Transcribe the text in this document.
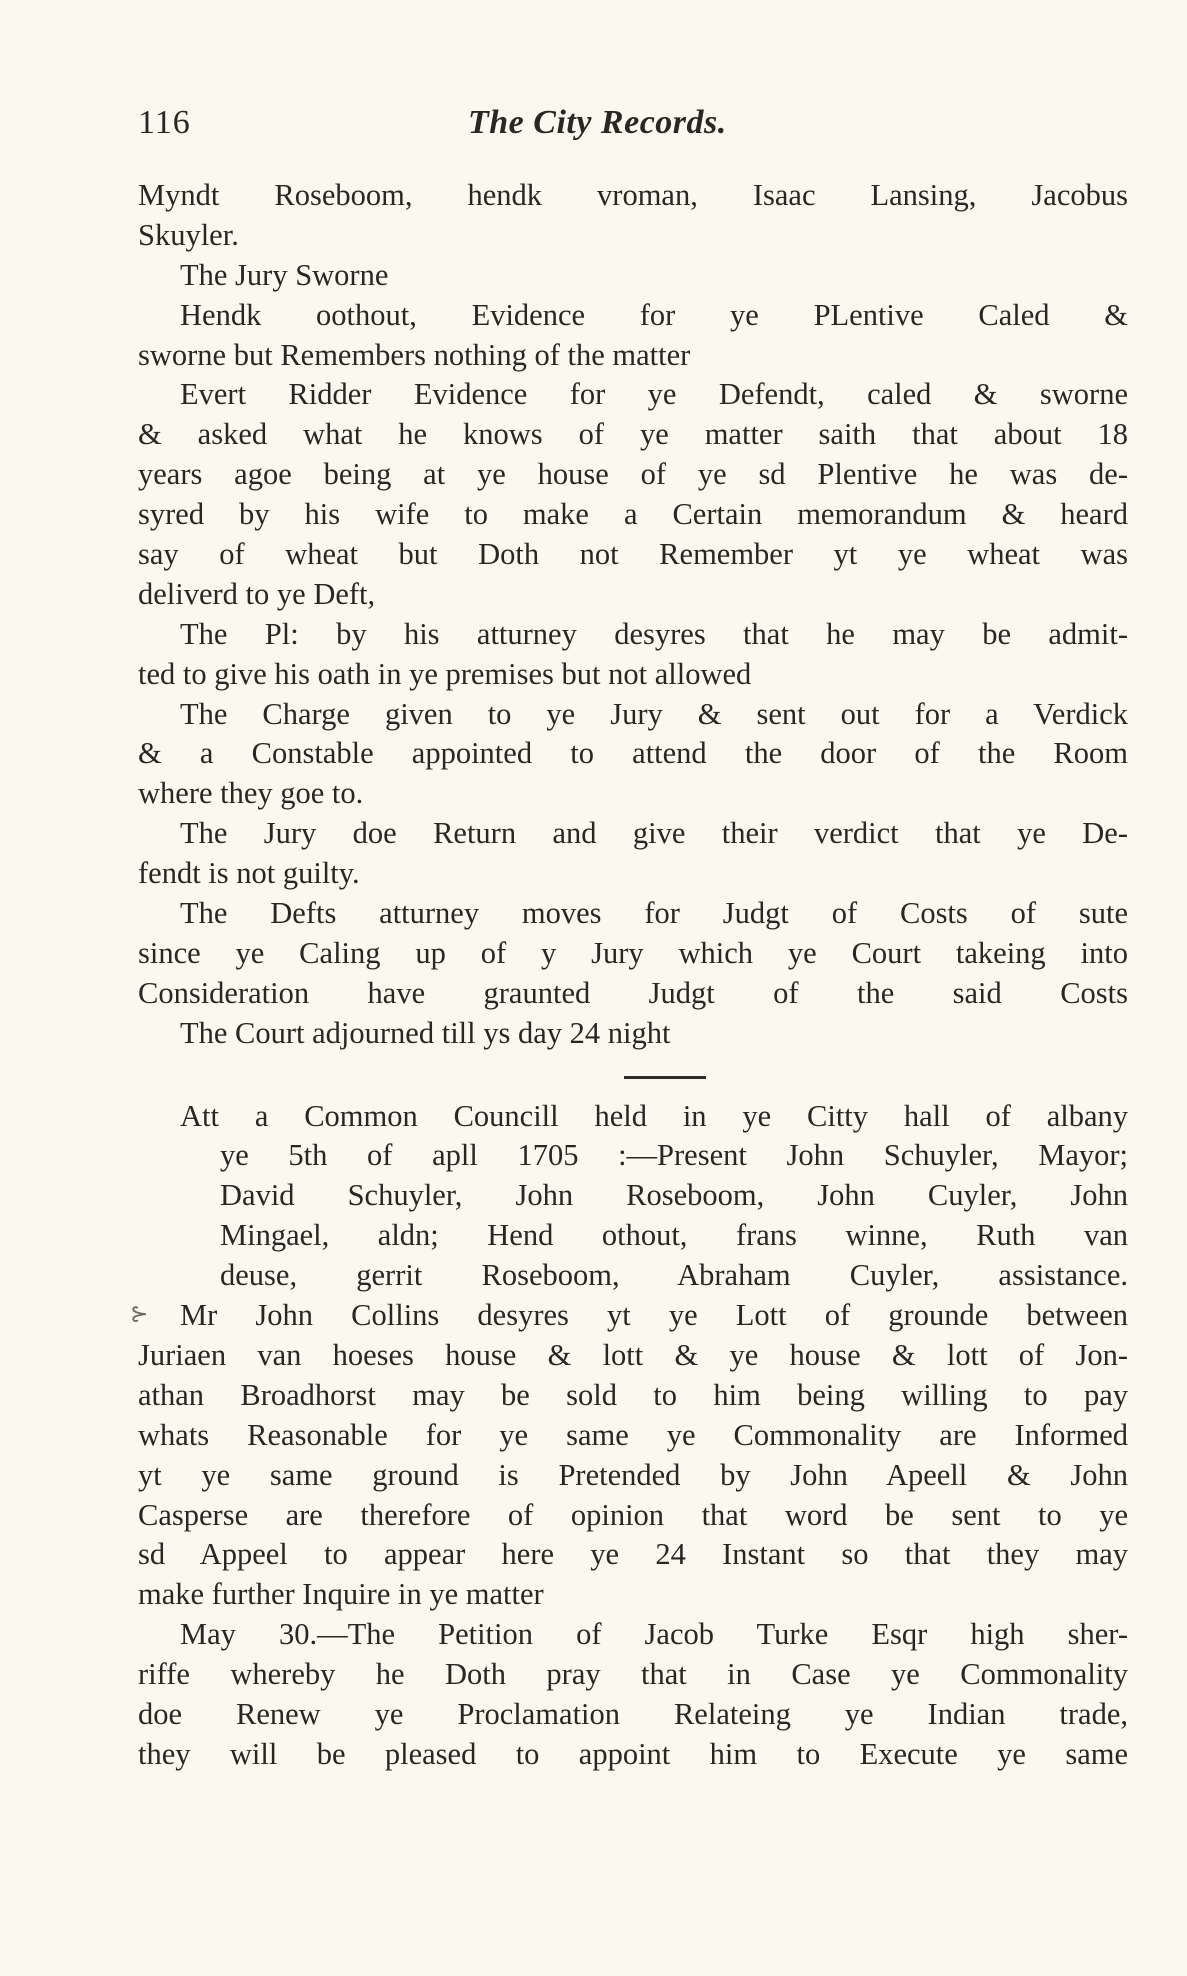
116	The City Records.
⊱
Myndt Roseboom, hendk vroman, Isaac Lansing, Jacobus
Skuyler.
The Jury Sworne
Hendk oothout, Evidence for ye PLentive Caled &
sworne but Remembers nothing of the matter
Evert Ridder Evidence for ye Defendt, caled & sworne
& asked what he knows of ye matter saith that about 18
years agoe being at ye house of ye sd Plentive he was de-
syred by his wife to make a Certain memorandum & heard
say of wheat but Doth not Remember yt ye wheat was
deliverd to ye Deft,
The Pl: by his atturney desyres that he may be admit-
ted to give his oath in ye premises but not allowed
The Charge given to ye Jury & sent out for a Verdick
& a Constable appointed to attend the door of the Room
where they goe to.
The Jury doe Return and give their verdict that ye De-
fendt is not guilty.
The Defts atturney moves for Judgt of Costs of sute
since ye Caling up of y Jury which ye Court takeing into
Consideration have graunted Judgt of the said Costs
The Court adjourned till ys day 24 night
Att a Common Councill held in ye Citty hall of albany
ye 5th of apll 1705 :—Present John Schuyler, Mayor;
David Schuyler, John Roseboom, John Cuyler, John
Mingael, aldn; Hend othout, frans winne, Ruth van
deuse, gerrit Roseboom, Abraham Cuyler, assistance.
Mr John Collins desyres yt ye Lott of grounde between
Juriaen van hoeses house & lott & ye house & lott of Jon-
athan Broadhorst may be sold to him being willing to pay
whats Reasonable for ye same ye Commonality are Informed
yt ye same ground is Pretended by John Apeell & John
Casperse are therefore of opinion that word be sent to ye
sd Appeel to appear here ye 24 Instant so that they may
make further Inquire in ye matter
May 30.—The Petition of Jacob Turke Esqr high sher-
riffe whereby he Doth pray that in Case ye Commonality
doe Renew ye Proclamation Relateing ye Indian trade,
they will be pleased to appoint him to Execute ye same
